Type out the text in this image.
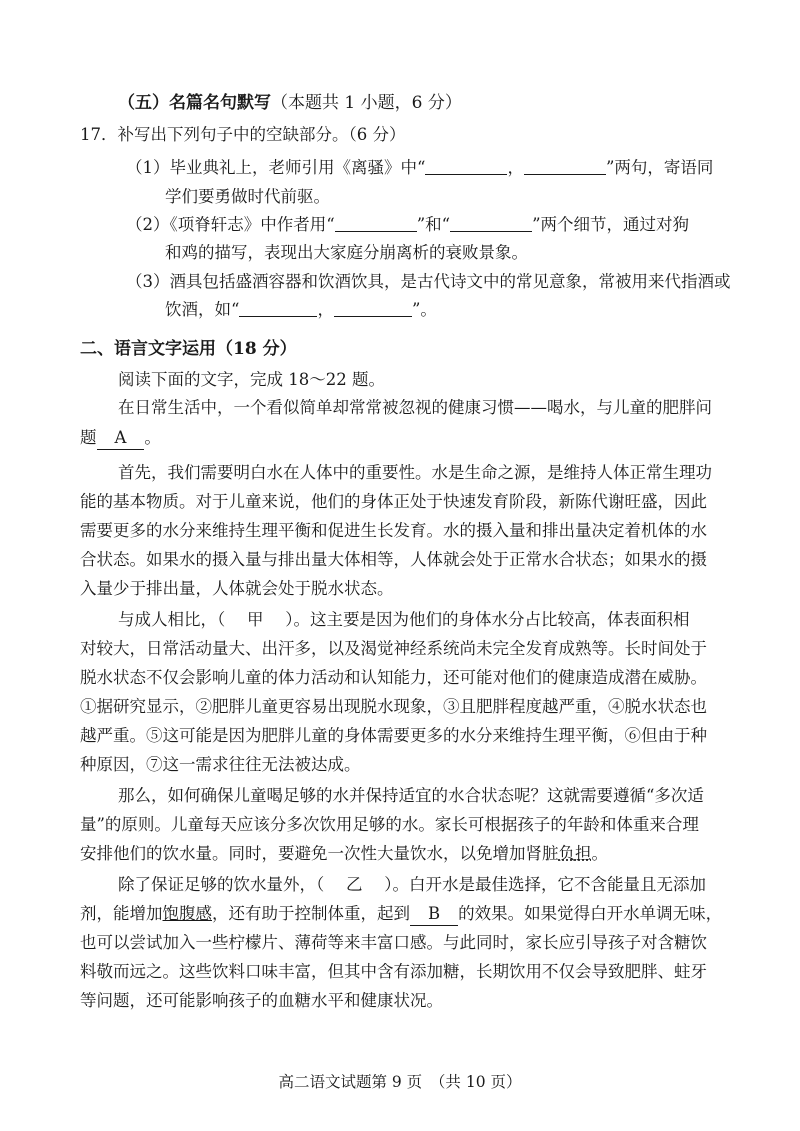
（五）名篇名句默写（本题共 1 小题，6 分）
17．补写出下列句子中的空缺部分。（6 分）
（1）毕业典礼上，老师引用《离骚》中“	，	”两句，寄语同
学们要勇做时代前驱。
（2）《项脊轩志》中作者用“	”和“	”两个细节，通过对狗
和鸡的描写，表现出大家庭分崩离析的衰败景象。
（3）酒具包括盛酒容器和饮酒饮具，是古代诗文中的常见意象，常被用来代指酒或
饮酒，如“	，	”。
二、语言文字运用（18 分）
阅读下面的文字，完成 18～22 题。
在日常生活中，一个看似简单却常常被忽视的健康习惯——喝水，与儿童的肥胖问
题 A 。
首先，我们需要明白水在人体中的重要性。水是生命之源，是维持人体正常生理功
能的基本物质。对于儿童来说，他们的身体正处于快速发育阶段，新陈代谢旺盛，因此
需要更多的水分来维持生理平衡和促进生长发育。水的摄入量和排出量决定着机体的水
合状态。如果水的摄入量与排出量大体相等，人体就会处于正常水合状态；如果水的摄
入量少于排出量，人体就会处于脱水状态。
与成人相比，（　 甲　 ）。这主要是因为他们的身体水分占比较高，体表面积相
对较大，日常活动量大、出汗多，以及渴觉神经系统尚未完全发育成熟等。长时间处于
脱水状态不仅会影响儿童的体力活动和认知能力，还可能对他们的健康造成潜在威胁。
①据研究显示，②肥胖儿童更容易出现脱水现象，③且肥胖程度越严重，④脱水状态也
越严重。⑤这可能是因为肥胖儿童的身体需要更多的水分来维持生理平衡，⑥但由于种
种原因，⑦这一需求往往无法被达成。
那么，如何确保儿童喝足够的水并保持适宜的水合状态呢？这就需要遵循“多次适
量”的原则。儿童每天应该分多次饮用足够的水。家长可根据孩子的年龄和体重来合理
安排他们的饮水量。同时，要避免一次性大量饮水，以免增加肾脏负担。
除了保证足够的饮水量外，（　 乙　 ）。白开水是最佳选择，它不含能量且无添加
剂，能增加饱腹感，还有助于控制体重，起到 B 的效果。如果觉得白开水单调无味，
也可以尝试加入一些柠檬片、薄荷等来丰富口感。与此同时，家长应引导孩子对含糖饮
料敬而远之。这些饮料口味丰富，但其中含有添加糖，长期饮用不仅会导致肥胖、蛀牙
等问题，还可能影响孩子的血糖水平和健康状况。
高二语文试题第 9 页　（共 10 页）
